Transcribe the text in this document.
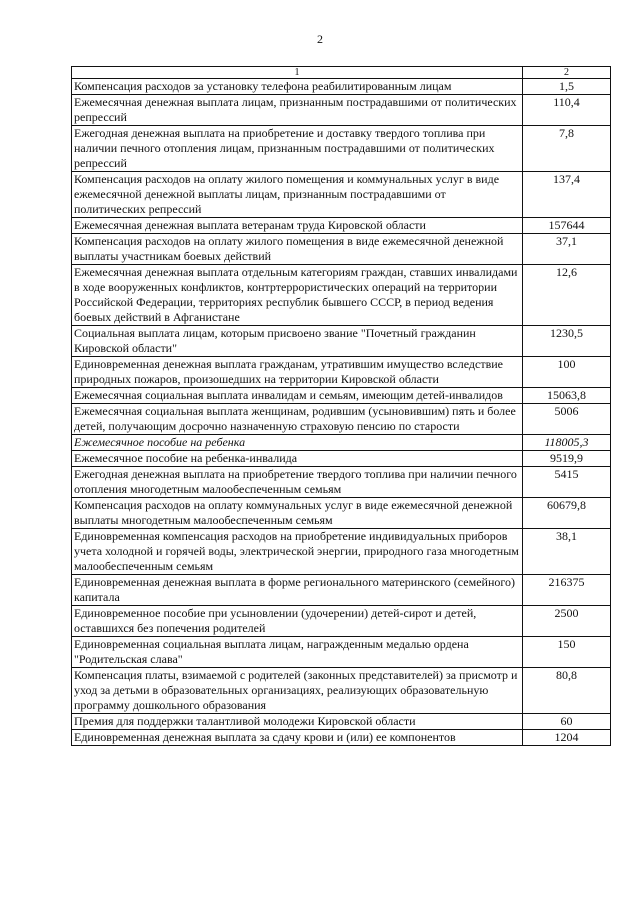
2
1	2
Компенсация расходов за установку телефона реабилитированным лицам	1,5
Ежемесячная денежная выплата лицам, признанным пострадавшими от политических репрессий	110,4
Ежегодная денежная выплата на приобретение и доставку твердого топлива при наличии печного отопления лицам, признанным пострадавшими от политических репрессий	7,8
Компенсация расходов на оплату жилого помещения и коммунальных услуг в виде ежемесячной денежной выплаты лицам, признанным пострадавшими от политических репрессий	137,4
Ежемесячная денежная выплата ветеранам труда Кировской области	157644
Компенсация расходов на оплату жилого помещения в виде ежемесячной денежной выплаты участникам боевых действий	37,1
Ежемесячная денежная выплата отдельным категориям граждан, ставших инвалидами в ходе вооруженных конфликтов, контртеррористических операций на территории Российской Федерации, территориях республик бывшего СССР, в период ведения боевых действий в Афганистане	12,6
Социальная выплата лицам, которым присвоено звание "Почетный гражданин Кировской области"	1230,5
Единовременная денежная выплата гражданам, утратившим имущество вследствие природных пожаров, произошедших на территории Кировской области	100
Ежемесячная социальная выплата инвалидам и семьям, имеющим детей-инвалидов	15063,8
Ежемесячная социальная выплата женщинам, родившим (усыновившим) пять и более детей, получающим досрочно назначенную страховую пенсию по старости	5006
Ежемесячное пособие на ребенка	118005,3
Ежемесячное пособие на ребенка-инвалида	9519,9
Ежегодная денежная выплата на приобретение твердого топлива при наличии печного отопления многодетным малообеспеченным семьям	5415
Компенсация расходов на оплату коммунальных услуг в виде ежемесячной денежной выплаты многодетным малообеспеченным семьям	60679,8
Единовременная компенсация расходов на приобретение индивидуальных приборов учета холодной и горячей воды, электрической энергии, природного газа многодетным малообеспеченным семьям	38,1
Единовременная денежная выплата в форме регионального материнского (семейного) капитала	216375
Единовременное пособие при усыновлении (удочерении) детей-сирот и детей, оставшихся без попечения родителей	2500
Единовременная социальная выплата лицам, награжденным медалью ордена "Родительская слава"	150
Компенсация платы, взимаемой с родителей (законных представителей) за присмотр и уход за детьми в образовательных организациях, реализующих образовательную программу дошкольного образования	80,8
Премия для поддержки талантливой молодежи Кировской области	60
Единовременная денежная выплата за сдачу крови и (или) ее компонентов	1204
